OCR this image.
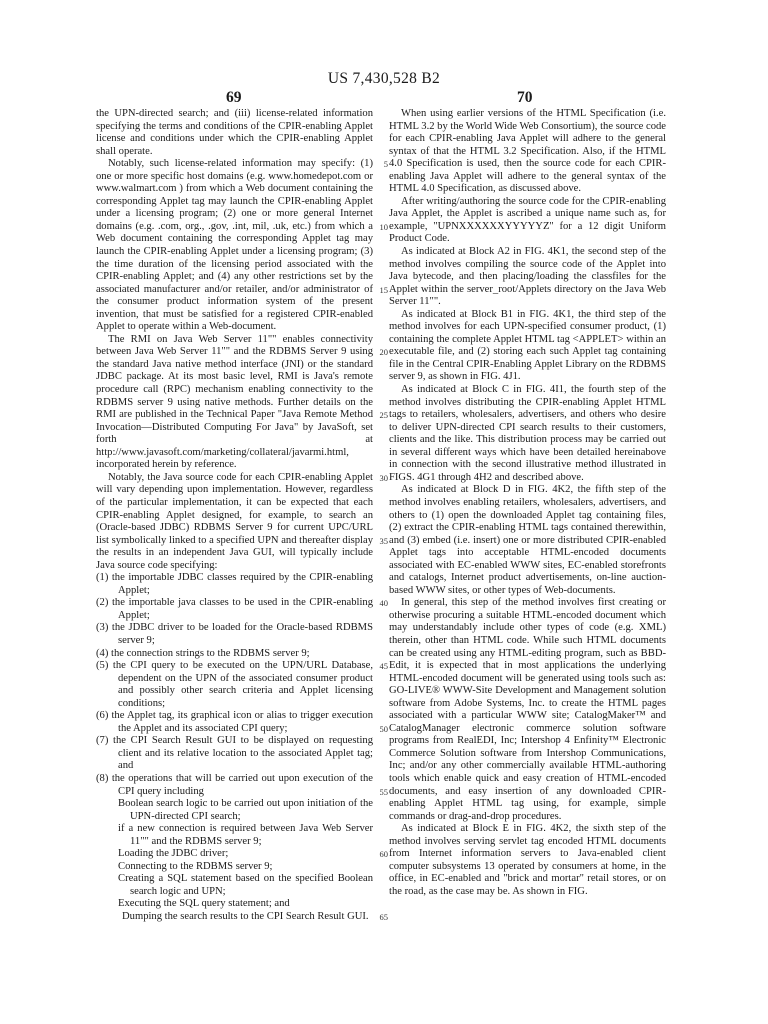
US 7,430,528 B2
69	70

the UPN-directed search; and (iii) license-related information specifying the terms and conditions of the CPIR-enabling Applet license and conditions under which the CPIR-enabling Applet shall operate.

Notably, such license-related information may specify: (1) one or more specific host domains (e.g. www.homedepot.com or www.walmart.com ) from which a Web document containing the corresponding Applet tag may launch the CPIR-enabling Applet under a licensing program; (2) one or more general Internet domains (e.g. .com, org., .gov, .int, mil, .uk, etc.) from which a Web document containing the corresponding Applet tag may launch the CPIR-enabling Applet under a licensing program; (3) the time duration of the licensing period associated with the CPIR-enabling Applet; and (4) any other restrictions set by the associated manufacturer and/or retailer, and/or administrator of the consumer product information system of the present invention, that must be satisfied for a registered CPIR-enabled Applet to operate within a Web-document.

The RMI on Java Web Server 11"" enables connectivity between Java Web Server 11"" and the RDBMS Server 9 using the standard Java native method interface (JNI) or the standard JDBC package. At its most basic level, RMI is Java's remote procedure call (RPC) mechanism enabling connectivity to the RDBMS server 9 using native methods. Further details on the RMI are published in the Technical Paper "Java Remote Method Invocation—Distributed Computing For Java" by JavaSoft, set forth at http://www.javasoft.com/marketing/collateral/javarmi.html, incorporated herein by reference.

Notably, the Java source code for each CPIR-enabling Applet will vary depending upon implementation. However, regardless of the particular implementation, it can be expected that each CPIR-enabling Applet designed, for example, to search an (Oracle-based JDBC) RDBMS Server 9 for current UPC/URL list symbolically linked to a specified UPN and thereafter display the results in an independent Java GUI, will typically include Java source code specifying:

(1) the importable JDBC classes required by the CPIR-enabling Applet;

(2) the importable java classes to be used in the CPIR-enabling Applet;

(3) the JDBC driver to be loaded for the Oracle-based RDBMS server 9;

(4) the connection strings to the RDBMS server 9;

(5) the CPI query to be executed on the UPN/URL Database, dependent on the UPN of the associated consumer product and possibly other search criteria and Applet licensing conditions;

(6) the Applet tag, its graphical icon or alias to trigger execution the Applet and its associated CPI query;

(7) the CPI Search Result GUI to be displayed on requesting client and its relative location to the associated Applet tag; and

(8) the operations that will be carried out upon execution of the CPI query including

Boolean search logic to be carried out upon initiation of the UPN-directed CPI search;

if a new connection is required between Java Web Server 11"" and the RDBMS server 9;

Loading the JDBC driver;

Connecting to the RDBMS server 9;

Creating a SQL statement based on the specified Boolean search logic and UPN;

Executing the SQL query statement; and

Dumping the search results to the CPI Search Result GUI.

5
10
15
20
25
30
35
40
45
50
55
60
65

When using earlier versions of the HTML Specification (i.e. HTML 3.2 by the World Wide Web Consortium), the source code for each CPIR-enabling Java Applet will adhere to the general syntax of that the HTML 3.2 Specification. Also, if the HTML 4.0 Specification is used, then the source code for each CPIR-enabling Java Applet will adhere to the general syntax of the HTML 4.0 Specification, as discussed above.

After writing/authoring the source code for the CPIR-enabling Java Applet, the Applet is ascribed a unique name such as, for example, "UPNXXXXXXYYYYYZ" for a 12 digit Uniform Product Code.

As indicated at Block A2 in FIG. 4K1, the second step of the method involves compiling the source code of the Applet into Java bytecode, and then placing/loading the classfiles for the Applet within the server_root/Applets directory on the Java Web Server 11"".

As indicated at Block B1 in FIG. 4K1, the third step of the method involves for each UPN-specified consumer product, (1) containing the complete Applet HTML tag <APPLET> within an executable file, and (2) storing each such Applet tag containing file in the Central CPIR-Enabling Applet Library on the RDBMS server 9, as shown in FIG. 4J1.

As indicated at Block C in FIG. 4I1, the fourth step of the method involves distributing the CPIR-enabling Applet HTML tags to retailers, wholesalers, advertisers, and others who desire to deliver UPN-directed CPI search results to their customers, clients and the like. This distribution process may be carried out in several different ways which have been detailed hereinabove in connection with the second illustrative method illustrated in FIGS. 4G1 through 4H2 and described above.

As indicated at Block D in FIG. 4K2, the fifth step of the method involves enabling retailers, wholesalers, advertisers, and others to (1) open the downloaded Applet tag containing files, (2) extract the CPIR-enabling HTML tags contained therewithin, and (3) embed (i.e. insert) one or more distributed CPIR-enabled Applet tags into acceptable HTML-encoded documents associated with EC-enabled WWW sites, EC-enabled storefronts and catalogs, Internet product advertisements, on-line auction-based WWW sites, or other types of Web-documents.

In general, this step of the method involves first creating or otherwise procuring a suitable HTML-encoded document which may understandably include other types of code (e.g. XML) therein, other than HTML code. While such HTML documents can be created using any HTML-editing program, such as BBD-Edit, it is expected that in most applications the underlying HTML-encoded document will be generated using tools such as: GO-LIVE® WWW-Site Development and Management solution software from Adobe Systems, Inc. to create the HTML pages associated with a particular WWW site; CatalogMaker™ and CatalogManager electronic commerce solution software programs from RealEDI, Inc; Intershop 4 Enfinity™ Electronic Commerce Solution software from Intershop Communications, Inc; and/or any other commercially available HTML-authoring tools which enable quick and easy creation of HTML-encoded documents, and easy insertion of any downloaded CPIR-enabling Applet HTML tag using, for example, simple commands or drag-and-drop procedures.

As indicated at Block E in FIG. 4K2, the sixth step of the method involves serving servlet tag encoded HTML documents from Internet information servers to Java-enabled client computer subsystems 13 operated by consumers at home, in the office, in EC-enabled and "brick and mortar" retail stores, or on the road, as the case may be. As shown in FIG.
